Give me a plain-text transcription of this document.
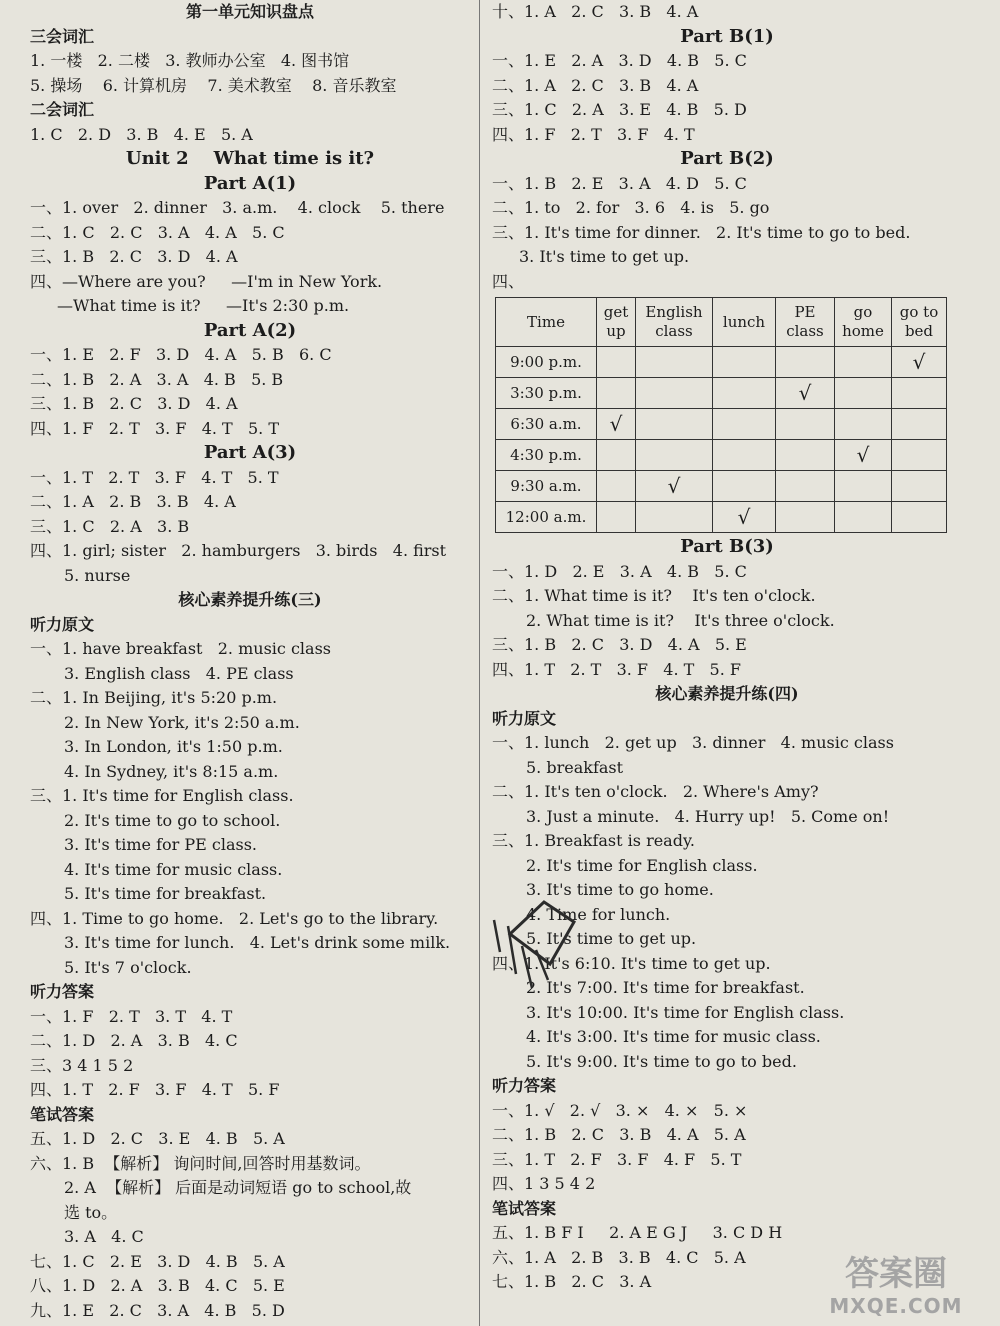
第一单元知识盘点
三会词汇
1. 一楼   2. 二楼   3. 教师办公室   4. 图书馆
5. 操场    6. 计算机房    7. 美术教室    8. 音乐教室
二会词汇
1. C   2. D   3. B   4. E   5. A
Unit 2    What time is it?
Part A(1)
一、1. over   2. dinner   3. a.m.    4. clock    5. there
二、1. C   2. C   3. A   4. A   5. C
三、1. B   2. C   3. D   4. A
四、—Where are you?     —I'm in New York.
—What time is it?     —It's 2:30 p.m.
Part A(2)
一、1. E   2. F   3. D   4. A   5. B   6. C
二、1. B   2. A   3. A   4. B   5. B
三、1. B   2. C   3. D   4. A
四、1. F   2. T   3. F   4. T   5. T
Part A(3)
一、1. T   2. T   3. F   4. T   5. T
二、1. A   2. B   3. B   4. A
三、1. C   2. A   3. B
四、1. girl; sister   2. hamburgers   3. birds   4. first
5. nurse
核心素养提升练(三)
听力原文
一、1. have breakfast   2. music class
3. English class   4. PE class
二、1. In Beijing, it's 5:20 p.m.
2. In New York, it's 2:50 a.m.
3. In London, it's 1:50 p.m.
4. In Sydney, it's 8:15 a.m.
三、1. It's time for English class.
2. It's time to go to school.
3. It's time for PE class.
4. It's time for music class.
5. It's time for breakfast.
四、1. Time to go home.   2. Let's go to the library.
3. It's time for lunch.   4. Let's drink some milk.
5. It's 7 o'clock.
听力答案
一、1. F   2. T   3. T   4. T
二、1. D   2. A   3. B   4. C
三、3 4 1 5 2
四、1. T   2. F   3. F   4. T   5. F
笔试答案
五、1. D   2. C   3. E   4. B   5. A
六、1. B  【解析】 询问时间,回答时用基数词。
2. A  【解析】 后面是动词短语 go to school,故
选 to。
3. A   4. C
七、1. C   2. E   3. D   4. B   5. A
八、1. D   2. A   3. B   4. C   5. E
九、1. E   2. C   3. A   4. B   5. D
十、1. A   2. C   3. B   4. A
Part B(1)
一、1. E   2. A   3. D   4. B   5. C
二、1. A   2. C   3. B   4. A
三、1. C   2. A   3. E   4. B   5. D
四、1. F   2. T   3. F   4. T
Part B(2)
一、1. B   2. E   3. A   4. D   5. C
二、1. to   2. for   3. 6   4. is   5. go
三、1. It's time for dinner.   2. It's time to go to bed.
3. It's time to get up.
四、
Time	get up	English class	lunch	PE class	go home	go to bed
9:00 p.m.						√
3:30 p.m.				√		
6:30 a.m.	√					
4:30 p.m.					√	
9:30 a.m.		√				
12:00 a.m.			√			
Part B(3)
一、1. D   2. E   3. A   4. B   5. C
二、1. What time is it?    It's ten o'clock.
2. What time is it?    It's three o'clock.
三、1. B   2. C   3. D   4. A   5. E
四、1. T   2. T   3. F   4. T   5. F
核心素养提升练(四)
听力原文
一、1. lunch   2. get up   3. dinner   4. music class
5. breakfast
二、1. It's ten o'clock.   2. Where's Amy?
3. Just a minute.   4. Hurry up!   5. Come on!
三、1. Breakfast is ready.
2. It's time for English class.
3. It's time to go home.
4. Time for lunch.
5. It's time to get up.
四、1. It's 6:10. It's time to get up.
2. It's 7:00. It's time for breakfast.
3. It's 10:00. It's time for English class.
4. It's 3:00. It's time for music class.
5. It's 9:00. It's time to go to bed.
听力答案
一、1. √   2. √   3. ×   4. ×   5. ×
二、1. B   2. C   3. B   4. A   5. A
三、1. T   2. F   3. F   4. F   5. T
四、1 3 5 4 2
笔试答案
五、1. B F I     2. A E G J     3. C D H
六、1. A   2. B   3. B   4. C   5. A
七、1. B   2. C   3. A	答案圈
MXQE.COM
